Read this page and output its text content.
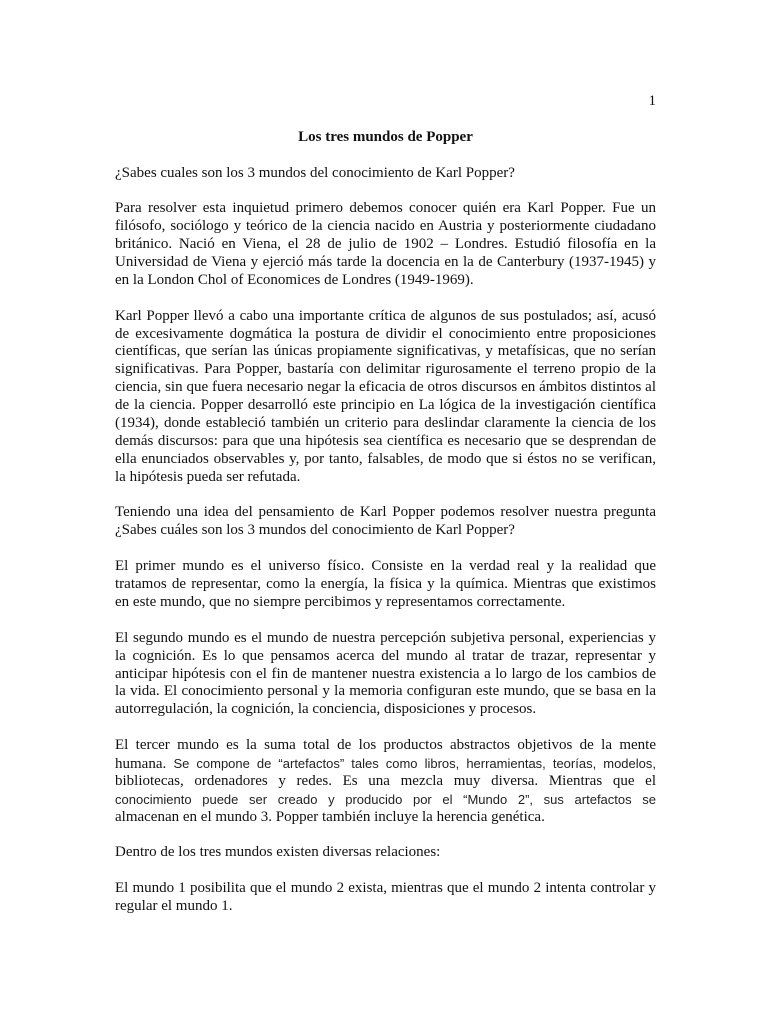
1
Los tres mundos de Popper
¿Sabes cuales son los 3 mundos del conocimiento de Karl Popper?
Para resolver esta inquietud primero debemos conocer quién era Karl Popper. Fue un
filósofo, sociólogo y teórico de la ciencia nacido en Austria y posteriormente ciudadano
británico. Nació en Viena, el 28 de julio de 1902 – Londres. Estudió filosofía en la
Universidad de Viena y ejerció más tarde la docencia en la de Canterbury (1937-1945) y
en la London Chol of Economices de Londres (1949-1969).
Karl Popper llevó a cabo una importante crítica de algunos de sus postulados; así, acusó
de excesivamente dogmática la postura de dividir el conocimiento entre proposiciones
científicas, que serían las únicas propiamente significativas, y metafísicas, que no serían
significativas. Para Popper, bastaría con delimitar rigurosamente el terreno propio de la
ciencia, sin que fuera necesario negar la eficacia de otros discursos en ámbitos distintos al
de la ciencia. Popper desarrolló este principio en La lógica de la investigación científica
(1934), donde estableció también un criterio para deslindar claramente la ciencia de los
demás discursos: para que una hipótesis sea científica es necesario que se desprendan de
ella enunciados observables y, por tanto, falsables, de modo que si éstos no se verifican,
la hipótesis pueda ser refutada.
Teniendo una idea del pensamiento de Karl Popper podemos resolver nuestra pregunta
¿Sabes cuáles son los 3 mundos del conocimiento de Karl Popper?
El primer mundo es el universo físico. Consiste en la verdad real y la realidad que
tratamos de representar, como la energía, la física y la química. Mientras que existimos
en este mundo, que no siempre percibimos y representamos correctamente.
El segundo mundo es el mundo de nuestra percepción subjetiva personal, experiencias y
la cognición. Es lo que pensamos acerca del mundo al tratar de trazar, representar y
anticipar hipótesis con el fin de mantener nuestra existencia a lo largo de los cambios de
la vida. El conocimiento personal y la memoria configuran este mundo, que se basa en la
autorregulación, la cognición, la conciencia, disposiciones y procesos.
El tercer mundo es la suma total de los productos abstractos objetivos de la mente
humana. Se compone de “artefactos” tales como libros, herramientas, teorías, modelos,
bibliotecas, ordenadores y redes. Es una mezcla muy diversa. Mientras que el
conocimiento puede ser creado y producido por el “Mundo 2”, sus artefactos se
almacenan en el mundo 3. Popper también incluye la herencia genética.
Dentro de los tres mundos existen diversas relaciones:
El mundo 1 posibilita que el mundo 2 exista, mientras que el mundo 2 intenta controlar y
regular el mundo 1.
